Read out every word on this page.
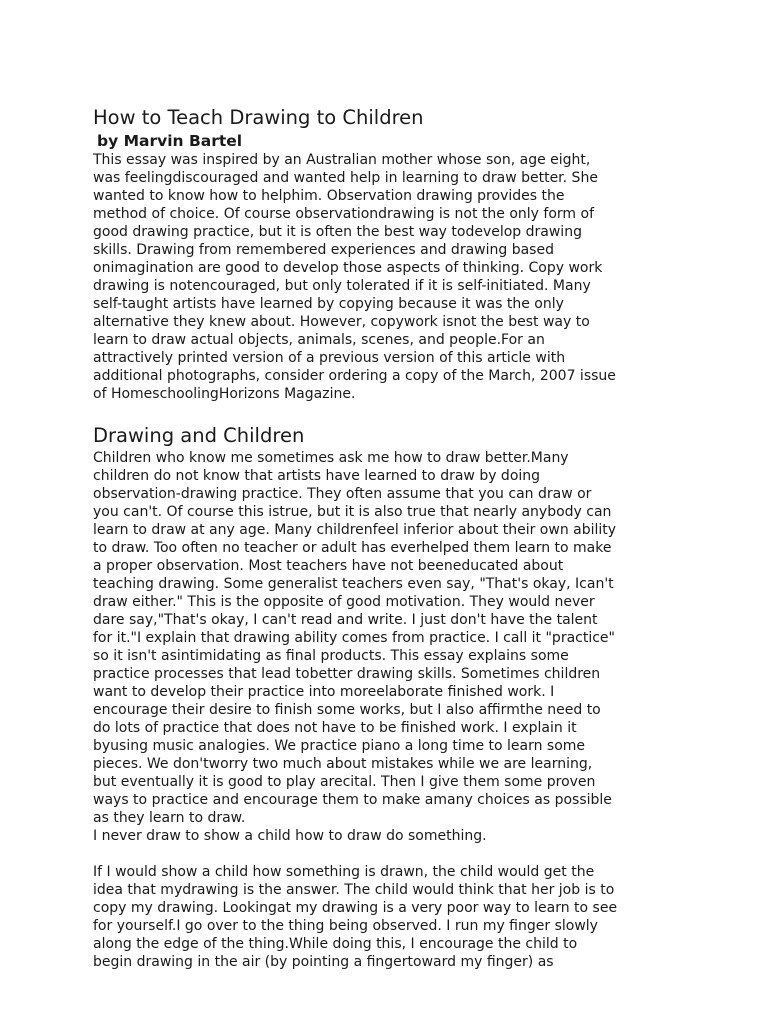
How to Teach Drawing to Children
by Marvin Bartel

This essay was inspired by an Australian mother whose son, age eight,
was feelingdiscouraged and wanted help in learning to draw better. She
wanted to know how to helphim. Observation drawing provides the
method of choice. Of course observationdrawing is not the only form of
good drawing practice, but it is often the best way todevelop drawing
skills. Drawing from remembered experiences and drawing based
onimagination are good to develop those aspects of thinking. Copy work
drawing is notencouraged, but only tolerated if it is self-initiated. Many
self-taught artists have learned by copying because it was the only
alternative they knew about. However, copywork isnot the best way to
learn to draw actual objects, animals, scenes, and people.For an
attractively printed version of a previous version of this article with
additional photographs, consider ordering a copy of the March, 2007 issue
of HomeschoolingHorizons Magazine.

Drawing and Children

Children who know me sometimes ask me how to draw better.Many
children do not know that artists have learned to draw by doing
observation-drawing practice. They often assume that you can draw or
you can't. Of course this istrue, but it is also true that nearly anybody can
learn to draw at any age. Many childrenfeel inferior about their own ability
to draw. Too often no teacher or adult has everhelped them learn to make
a proper observation. Most teachers have not beeneducated about
teaching drawing. Some generalist teachers even say, "That's okay, Ican't
draw either." This is the opposite of good motivation. They would never
dare say,"That's okay, I can't read and write. I just don't have the talent
for it."I explain that drawing ability comes from practice. I call it "practice"
so it isn't asintimidating as final products. This essay explains some
practice processes that lead tobetter drawing skills. Sometimes children
want to develop their practice into moreelaborate finished work. I
encourage their desire to finish some works, but I also affirmthe need to
do lots of practice that does not have to be finished work. I explain it
byusing music analogies. We practice piano a long time to learn some
pieces. We don'tworry two much about mistakes while we are learning,
but eventually it is good to play arecital. Then I give them some proven
ways to practice and encourage them to make amany choices as possible
as they learn to draw.

I never draw to show a child how to draw do something.

If I would show a child how something is drawn, the child would get the
idea that mydrawing is the answer. The child would think that her job is to
copy my drawing. Lookingat my drawing is a very poor way to learn to see
for yourself.I go over to the thing being observed. I run my finger slowly
along the edge of the thing.While doing this, I encourage the child to
begin drawing in the air (by pointing a fingertoward my finger) as
